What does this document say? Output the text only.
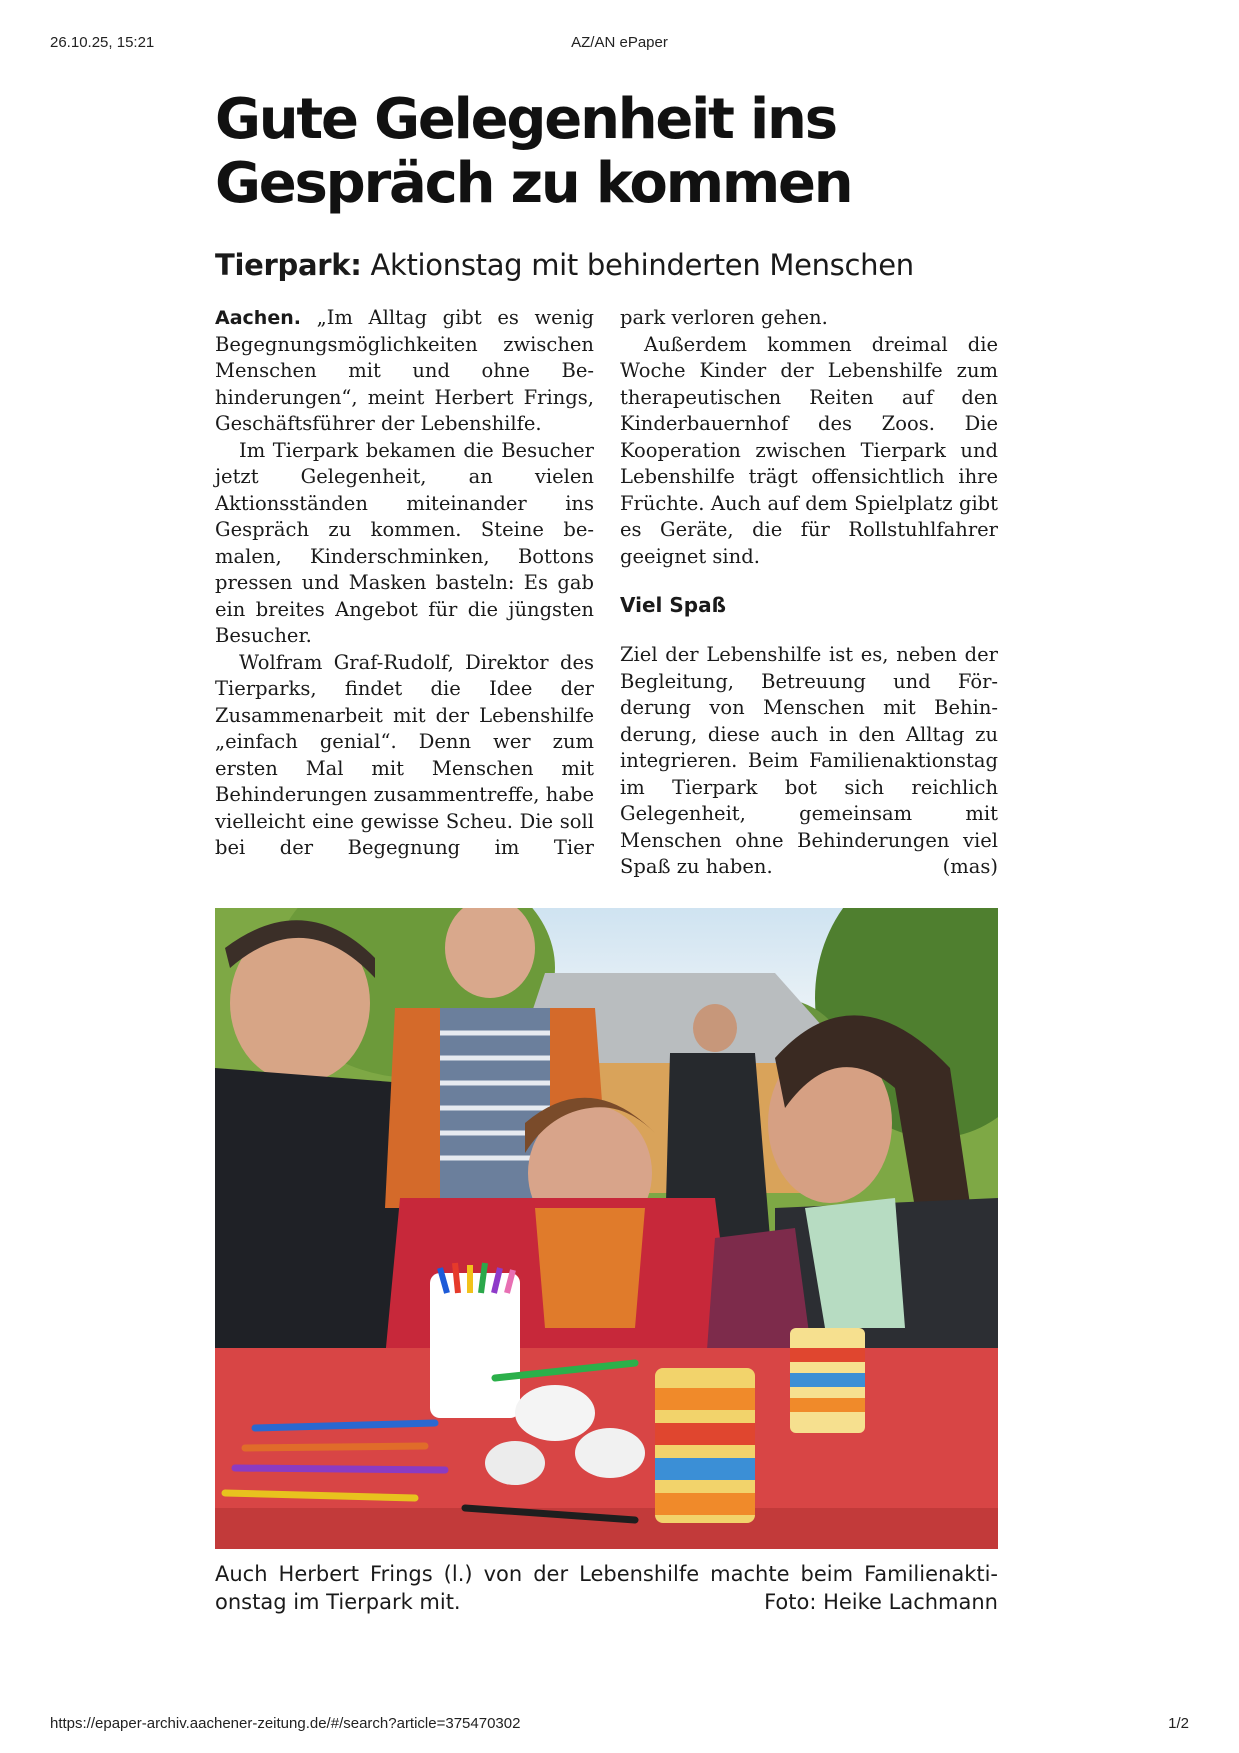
26.10.25, 15:21	AZ/AN ePaper
Gute Gelegenheit ins
Gespräch zu kommen
Tierpark: Aktionstag mit behinderten Menschen

Aachen. „Im Alltag gibt es wenig Begegnungsmöglichkeiten zwischen Menschen mit und ohne Behinderungen“, meint Herbert Frings, Geschäftsführer der Lebenshilfe.

Im Tierpark bekamen die Besucher jetzt Gelegenheit, an vielen Aktionsständen miteinander ins Gespräch zu kommen. Steine bemalen, Kinderschminken, Bottons pressen und Masken basteln: Es gab ein breites Angebot für die jüngsten Besucher.

Wolfram Graf-Rudolf, Direktor des Tierparks, findet die Idee der Zusammenarbeit mit der Lebenshilfe „einfach genial“. Denn wer zum ersten Mal mit Menschen mit Behinderungen zusammentreffe, habe vielleicht eine gewisse Scheu. Die soll bei der Begegnung im Tier

park verloren gehen.

Außerdem kommen dreimal die Woche Kinder der Lebenshilfe zum therapeutischen Reiten auf den Kinderbauernhof des Zoos. Die Kooperation zwischen Tierpark und Lebenshilfe trägt offensichtlich ihre Früchte. Auch auf dem Spielplatz gibt es Geräte, die für Rollstuhlfahrer geeignet sind.

Viel Spaß

Ziel der Lebenshilfe ist es, neben der Begleitung, Betreuung und Förderung von Menschen mit Behinderung, diese auch in den Alltag zu integrieren. Beim Familienaktionstag im Tierpark bot sich reichlich Gelegenheit, gemeinsam mit Menschen ohne Behinderungen viel Spaß zu haben.	(mas)

Auch Herbert Frings (l.) von der Lebenshilfe machte beim Familienakti-
onstag im Tierpark mit.	Foto: Heike Lachmann
https://epaper-archiv.aachener-zeitung.de/#/search?article=375470302	1/2
